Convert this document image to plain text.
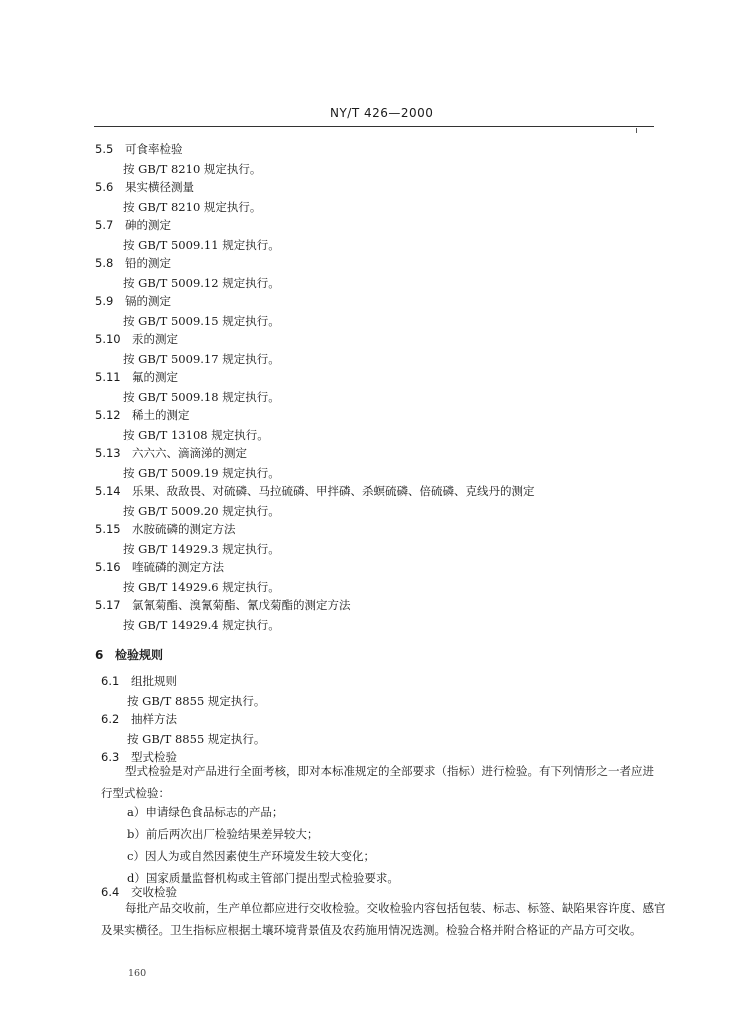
NY/T 426—2000
5.5 可食率检验
按 GB/T 8210 规定执行。
5.6 果实横径测量
按 GB/T 8210 规定执行。
5.7 砷的测定
按 GB/T 5009.11 规定执行。
5.8 铅的测定
按 GB/T 5009.12 规定执行。
5.9 镉的测定
按 GB/T 5009.15 规定执行。
5.10 汞的测定
按 GB/T 5009.17 规定执行。
5.11 氟的测定
按 GB/T 5009.18 规定执行。
5.12 稀土的测定
按 GB/T 13108 规定执行。
5.13 六六六、滴滴涕的测定
按 GB/T 5009.19 规定执行。
5.14 乐果、敌敌畏、对硫磷、马拉硫磷、甲拌磷、杀螟硫磷、倍硫磷、克线丹的测定
按 GB/T 5009.20 规定执行。
5.15 水胺硫磷的测定方法
按 GB/T 14929.3 规定执行。
5.16 喹硫磷的测定方法
按 GB/T 14929.6 规定执行。
5.17 氯氰菊酯、溴氰菊酯、氰戊菊酯的测定方法
按 GB/T 14929.4 规定执行。
6 检验规则
6.1 组批规则
按 GB/T 8855 规定执行。
6.2 抽样方法
按 GB/T 8855 规定执行。
6.3 型式检验
型式检验是对产品进行全面考核，即对本标准规定的全部要求（指标）进行检验。有下列情形之一者应进行型式检验：
a）申请绿色食品标志的产品；
b）前后两次出厂检验结果差异较大；
c）因人为或自然因素使生产环境发生较大变化；
d）国家质量监督机构或主管部门提出型式检验要求。
6.4 交收检验
每批产品交收前，生产单位都应进行交收检验。交收检验内容包括包装、标志、标签、缺陷果容许度、感官及果实横径。卫生指标应根据土壤环境背景值及农药施用情况选测。检验合格并附合格证的产品方可交收。
160
